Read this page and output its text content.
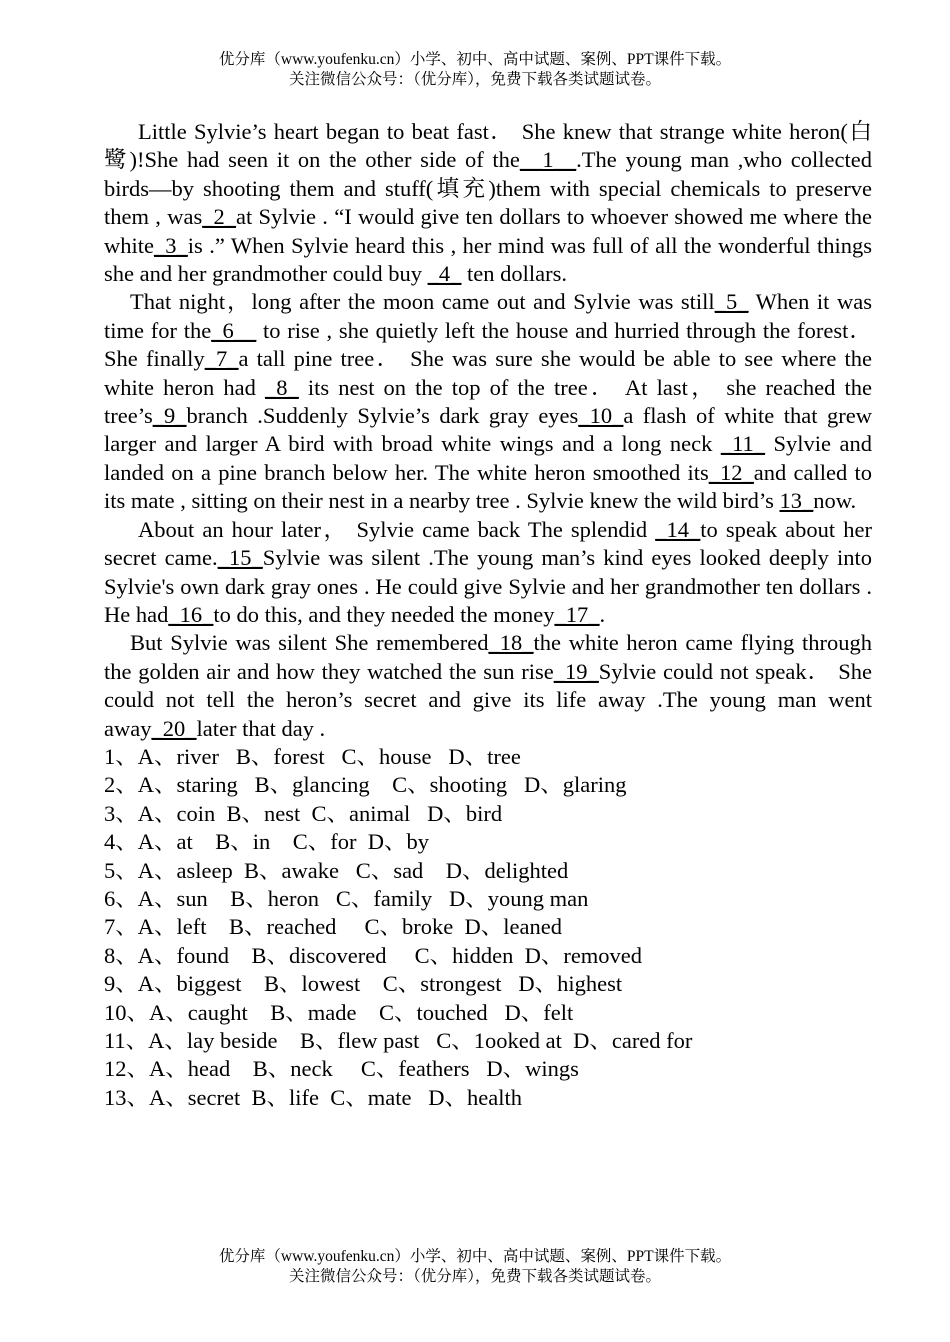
优分库（www.youfenku.cn）小学、初中、高中试题、案例、PPT课件下载。
关注微信公众号：（优分库），免费下载各类试题试卷。

Little Sylvie’s heart began to beat fast． She knew that strange white heron(白鹭)!She had seen it on the other side of the__1__.The young man ,who collected birds—by shooting them and stuff(填充)them with special chemicals to preserve them , was_2_at Sylvie . “I would give ten dollars to whoever showed me where the white_3_is .” When Sylvie heard this , her mind was full of all the wonderful things she and her grandmother could buy _4_ ten dollars.

That night，long after the moon came out and Sylvie was still_5_ When it was time for the_6__ to rise , she quietly left the house and hurried through the forest． She finally_7_a tall pine tree． She was sure she would be able to see where the white heron had _8_ its nest on the top of the tree． At last， she reached the tree’s_9_branch .Suddenly Sylvie’s dark gray eyes_10_a flash of white that grew larger and larger A bird with broad white wings and a long neck _11_ Sylvie and landed on a pine branch below her. The white heron smoothed its_12_and called to its mate , sitting on their nest in a nearby tree . Sylvie knew the wild bird’s 13_now.

About an hour later， Sylvie came back The splendid _14_to speak about her secret came._15_Sylvie was silent .The young man’s kind eyes looked deeply into Sylvie's own dark gray ones . He could give Sylvie and her grandmother ten dollars . He had_16_to do this, and they needed the money_17_.

But Sylvie was silent She remembered_18_the white heron came flying through the golden air and how they watched the sun rise_19_Sylvie could not speak． She could not tell the heron’s secret and give its life away .The young man went away_20_later that day .

1、A、river   B、forest   C、house   D、tree
2、A、staring   B、glancing    C、shooting   D、glaring
3、A、coin  B、nest  C、animal   D、bird
4、A、at    B、in    C、for  D、by
5、A、asleep  B、awake   C、sad    D、delighted
6、A、sun    B、heron   C、family   D、young man
7、A、left    B、reached     C、broke  D、leaned
8、A、found    B、discovered     C、hidden  D、removed
9、A、biggest    B、lowest    C、strongest   D、highest
10、A、caught    B、made    C、touched   D、felt
11、A、lay beside    B、flew past   C、1ooked at  D、cared for
12、A、head    B、neck     C、feathers   D、wings
13、A、secret  B、life  C、mate   D、health
优分库（www.youfenku.cn）小学、初中、高中试题、案例、PPT课件下载。
关注微信公众号：（优分库），免费下载各类试题试卷。
